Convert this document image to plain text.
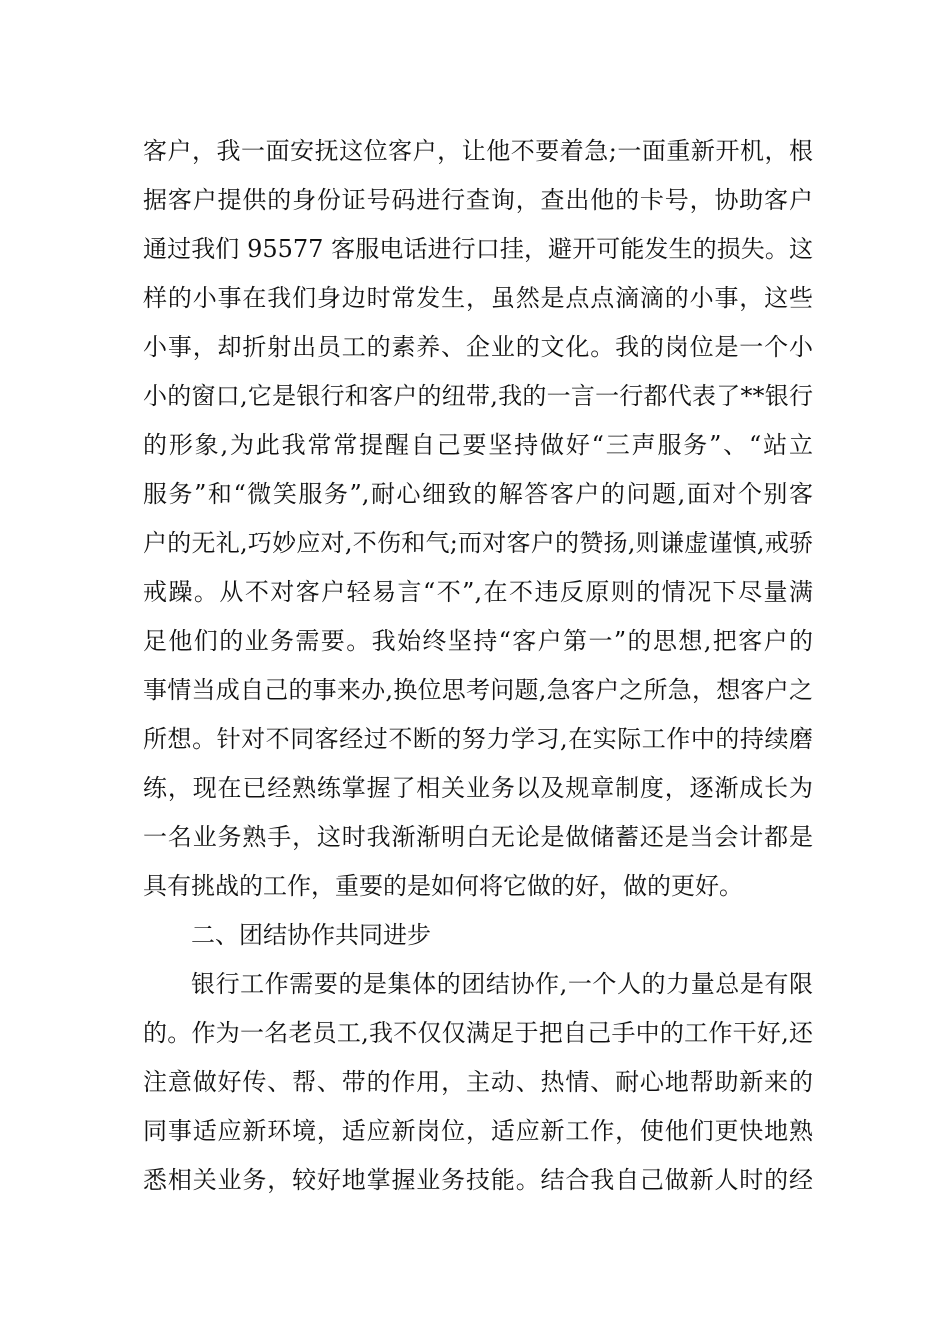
客户，我一面安抚这位客户，让他不要着急;一面重新开机，根
据客户提供的身份证号码进行查询，查出他的卡号，协助客户
通过我们 95577 客服电话进行口挂，避开可能发生的损失。这
样的小事在我们身边时常发生，虽然是点点滴滴的小事，这些
小事，却折射出员工的素养、企业的文化。我的岗位是一个小
小的窗口,它是银行和客户的纽带,我的一言一行都代表了**银行
的形象,为此我常常提醒自己要坚持做好“三声服务”、“站立
服务”和“微笑服务”,耐心细致的解答客户的问题,面对个别客
户的无礼,巧妙应对,不伤和气;而对客户的赞扬,则谦虚谨慎,戒骄
戒躁。从不对客户轻易言“不”,在不违反原则的情况下尽量满
足他们的业务需要。我始终坚持“客户第一”的思想,把客户的
事情当成自己的事来办,换位思考问题,急客户之所急，想客户之
所想。针对不同客经过不断的努力学习,在实际工作中的持续磨
练，现在已经熟练掌握了相关业务以及规章制度，逐渐成长为
一名业务熟手，这时我渐渐明白无论是做储蓄还是当会计都是
具有挑战的工作，重要的是如何将它做的好，做的更好。
二、团结协作共同进步
银行工作需要的是集体的团结协作,一个人的力量总是有限
的。作为一名老员工,我不仅仅满足于把自己手中的工作干好,还
注意做好传、帮、带的作用，主动、热情、耐心地帮助新来的
同事适应新环境，适应新岗位，适应新工作，使他们更快地熟
悉相关业务，较好地掌握业务技能。结合我自己做新人时的经
